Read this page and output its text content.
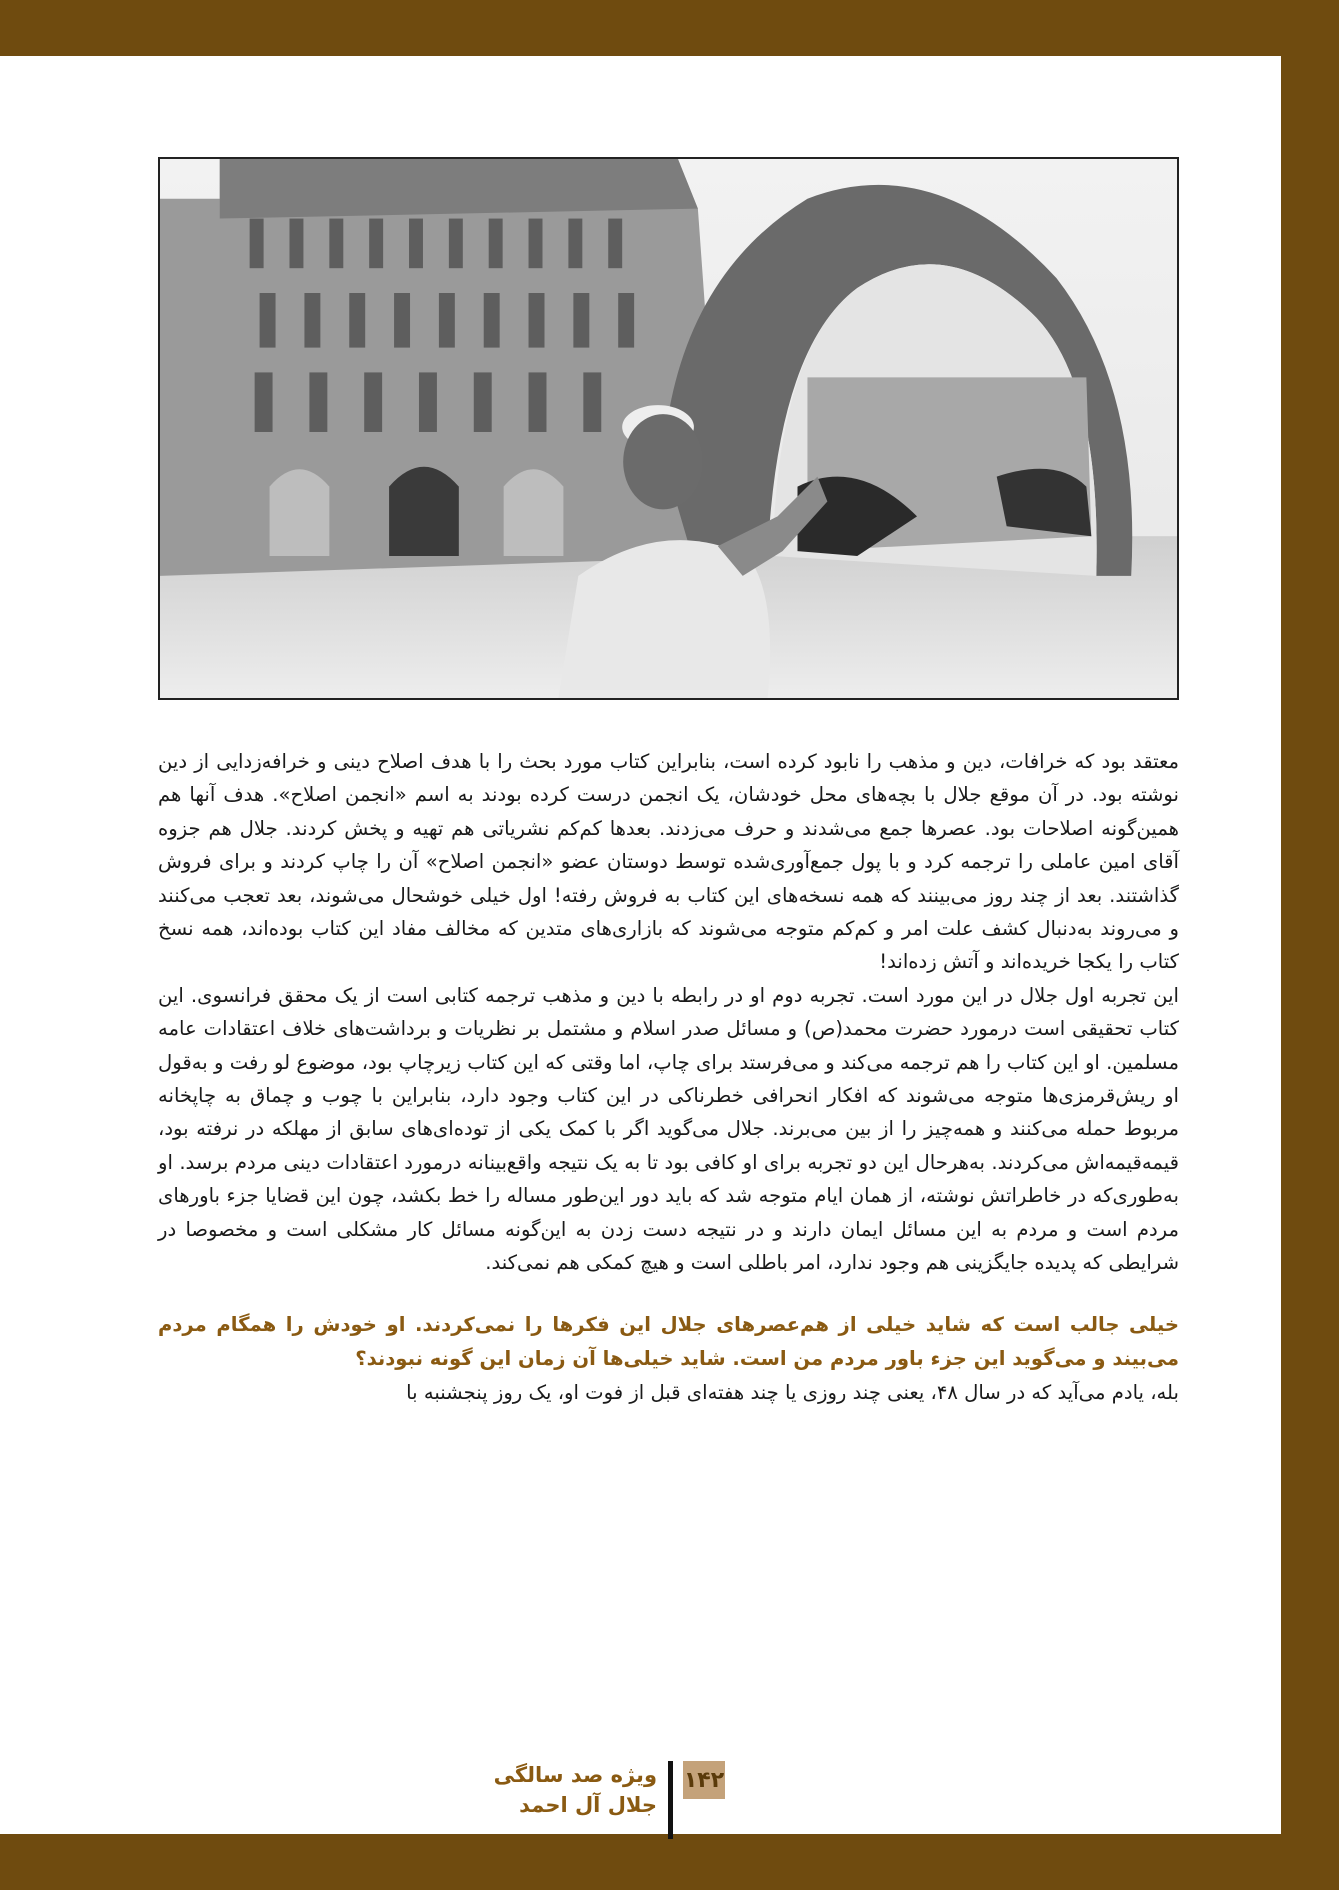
معتقد بود که خرافات، دین و مذهب را نابود کرده است، بنابراین کتاب مورد بحث را با هدف اصلاح دینی و خرافه‌زدایی از دین نوشته بود. در آن موقع جلال با بچه‌های محل خودشان، یک انجمن درست کرده بودند به اسم «انجمن اصلاح». هدف آنها هم همین‌گونه اصلاحات بود. عصرها جمع می‌شدند و حرف می‌زدند. بعدها کم‌کم نشریاتی هم تهیه و پخش کردند. جلال هم جزوه آقای امین عاملی را ترجمه کرد و با پول جمع‌آوری‌شده توسط دوستان عضو «انجمن اصلاح» آن را چاپ کردند و برای فروش گذاشتند. بعد از چند روز می‌بینند که همه نسخه‌های این کتاب به فروش رفته! اول خیلی خوشحال می‌شوند، بعد تعجب می‌کنند و می‌روند به‌دنبال کشف علت امر و کم‌کم متوجه می‌شوند که بازاری‌های متدین که مخالف مفاد این کتاب بوده‌اند، همه نسخ کتاب را یکجا خریده‌اند و آتش زده‌اند!

این تجربه اول جلال در این مورد است. تجربه دوم او در رابطه با دین و مذهب ترجمه کتابی است از یک محقق فرانسوی. این کتاب تحقیقی است درمورد حضرت محمد(ص) و مسائل صدر اسلام و مشتمل بر نظریات و برداشت‌های خلاف اعتقادات عامه مسلمین. او این کتاب را هم ترجمه می‌کند و می‌فرستد برای چاپ، اما وقتی که این کتاب زیرچاپ بود، موضوع لو رفت و به‌قول او ریش‌قرمزی‌ها متوجه می‌شوند که افکار انحرافی خطرناکی در این کتاب وجود دارد، بنابراین با چوب و چماق به چاپخانه مربوط حمله می‌کنند و همه‌چیز را از بین می‌برند. جلال می‌گوید اگر با کمک یکی از توده‌ای‌های سابق از مهلکه در نرفته بود، قیمه‌قیمه‌اش می‌کردند. به‌هرحال این دو تجربه برای او کافی بود تا به یک نتیجه واقع‌بینانه درمورد اعتقادات دینی مردم برسد. او به‌طوری‌که در خاطراتش نوشته، از همان ایام متوجه شد که باید دور این‌طور مساله را خط بکشد، چون این قضایا جزء باورهای مردم است و مردم به این مسائل ایمان دارند و در نتیجه دست زدن به این‌گونه مسائل کار مشکلی است و مخصوصا در شرایطی که پدیده جایگزینی هم وجود ندارد، امر باطلی است و هیچ کمکی هم نمی‌کند.

خیلی جالب است که شاید خیلی از هم‌عصرهای جلال این فکرها را نمی‌کردند. او خودش را همگام مردم می‌بیند و می‌گوید این جزء باور مردم من است. شاید خیلی‌ها آن زمان این گونه نبودند؟

بله، یادم می‌آید که در سال ۴۸، یعنی چند روزی یا چند هفته‌ای قبل از فوت او، یک روز پنجشنبه با

ویژه صد سالگی
جلال آل احمد
۱۴۲
